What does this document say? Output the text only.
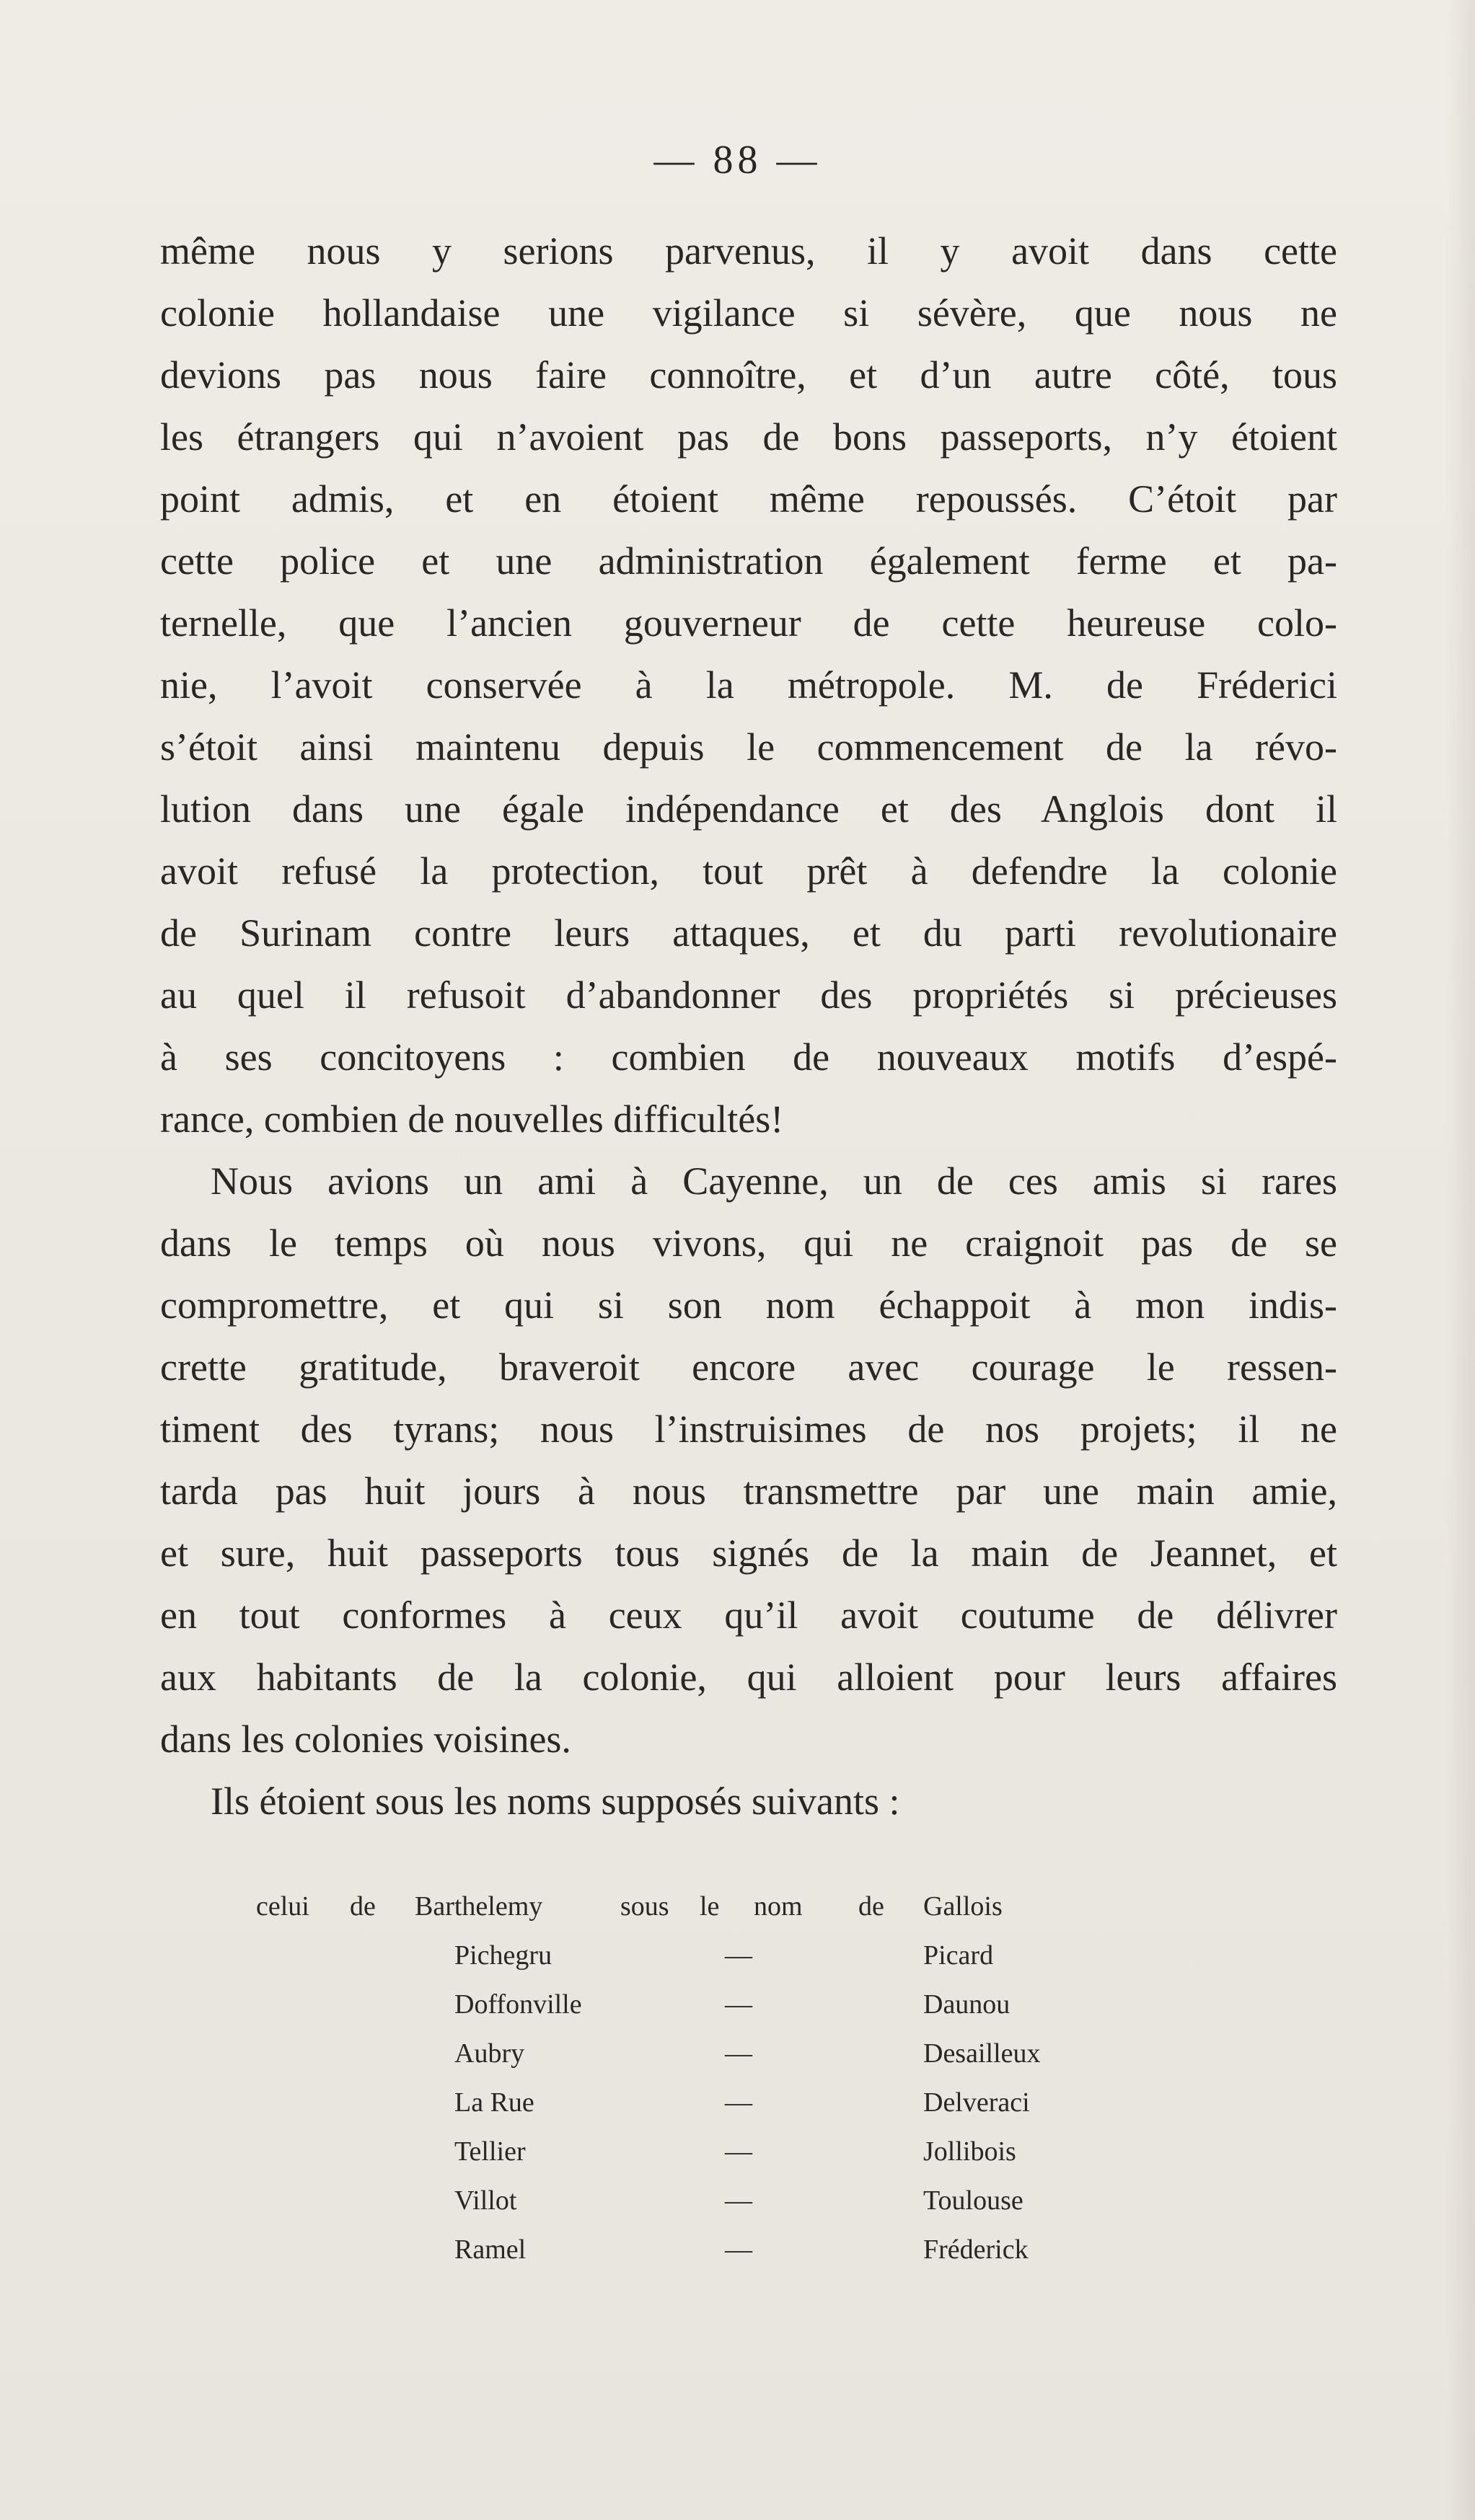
— 88 —
même nous y serions parvenus, il y avoit dans cette
colonie hollandaise une vigilance si sévère, que nous ne
devions pas nous faire connoître, et d’un autre côté, tous
les étrangers qui n’avoient pas de bons passeports, n’y étoient
point admis, et en étoient même repoussés. C’étoit par
cette police et une administration également ferme et pa-
ternelle, que l’ancien gouverneur de cette heureuse colo-
nie, l’avoit conservée à la métropole. M. de Fréderici
s’étoit ainsi maintenu depuis le commencement de la révo-
lution dans une égale indépendance et des Anglois dont il
avoit refusé la protection, tout prêt à defendre la colonie
de Surinam contre leurs attaques, et du parti revolutionaire
au quel il refusoit d’abandonner des propriétés si précieuses
à ses concitoyens : combien de nouveaux motifs d’espé-
rance, combien de nouvelles difficultés!
Nous avions un ami à Cayenne, un de ces amis si rares
dans le temps où nous vivons, qui ne craignoit pas de se
compromettre, et qui si son nom échappoit à mon indis-
crette gratitude, braveroit encore avec courage le ressen-
timent des tyrans; nous l’instruisimes de nos projets; il ne
tarda pas huit jours à nous transmettre par une main amie,
et sure, huit passeports tous signés de la main de Jeannet, et
en tout conformes à ceux qu’il avoit coutume de délivrer
aux habitants de la colonie, qui alloient pour leurs affaires
dans les colonies voisines.
Ils étoient sous les noms supposés suivants :
celui de Barthelemy	sous le nom de Gallois
Pichegru	—	Picard
Doffonville	—	Daunou
Aubry	—	Desailleux
La Rue	—	Delveraci
Tellier	—	Jollibois
Villot	—	Toulouse
Ramel	—	Fréderick
